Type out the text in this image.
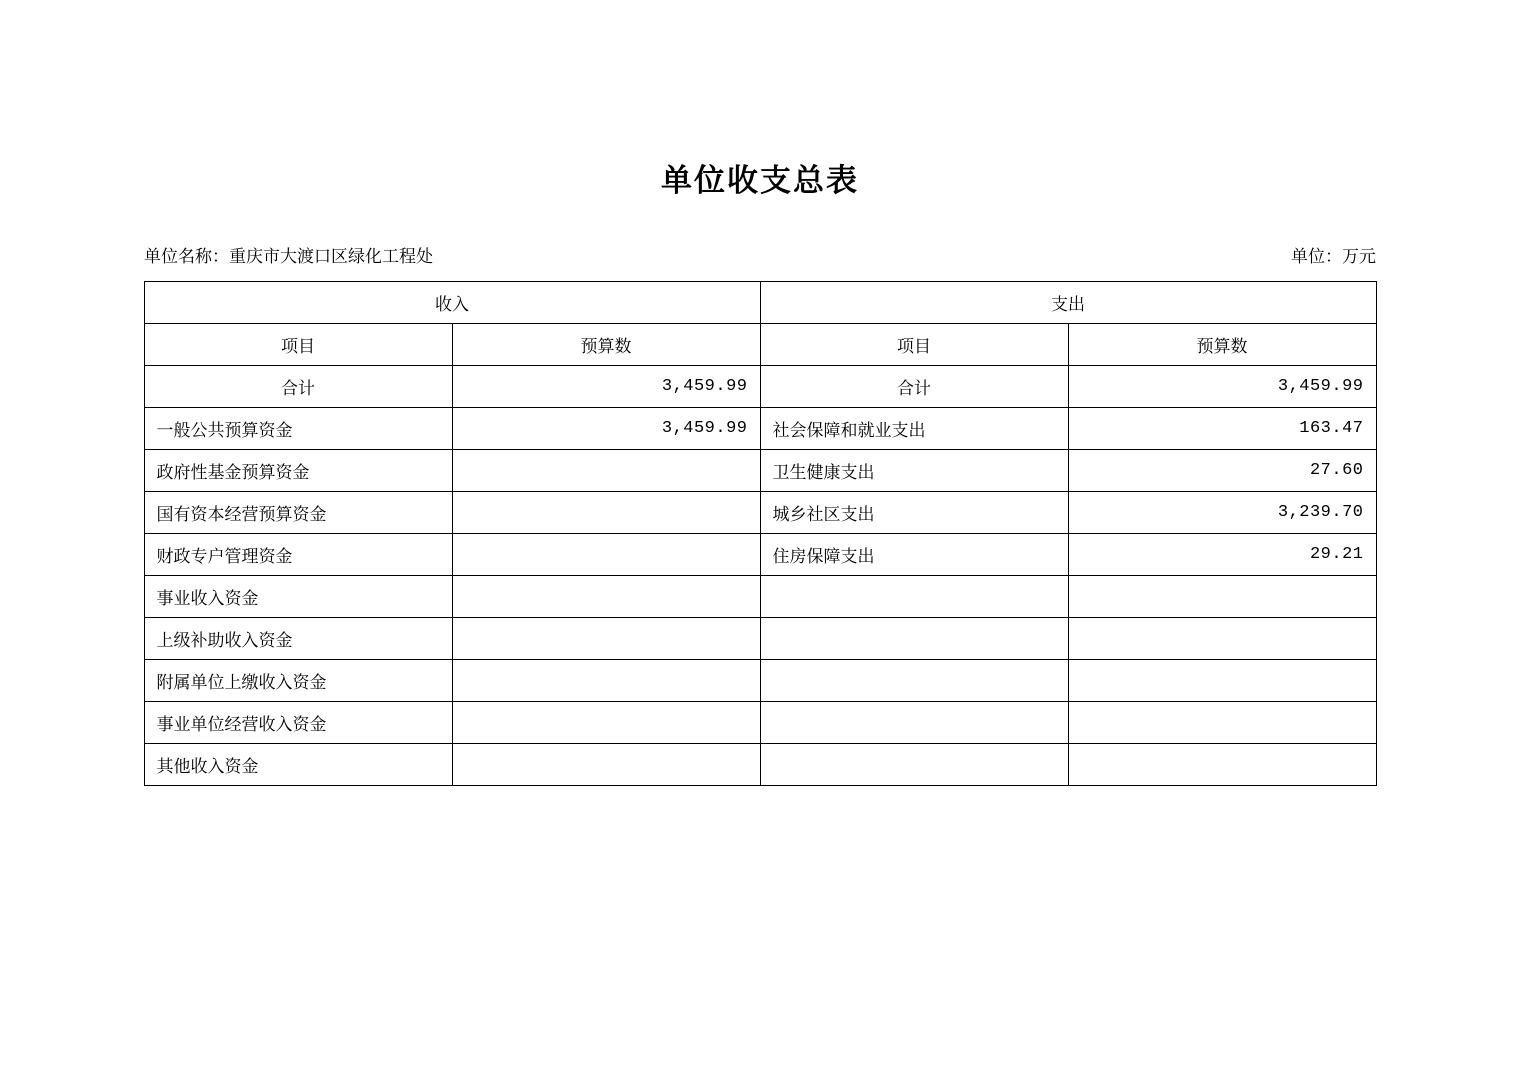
单位收支总表
单位名称：重庆市大渡口区绿化工程处	单位：万元
收入		支出	
项目	预算数	项目	预算数
合计	3,459.99	合计	3,459.99
一般公共预算资金	3,459.99	社会保障和就业支出	163.47
政府性基金预算资金		卫生健康支出	27.60
国有资本经营预算资金		城乡社区支出	3,239.70
财政专户管理资金		住房保障支出	29.21
事业收入资金			
上级补助收入资金			
附属单位上缴收入资金			
事业单位经营收入资金			
其他收入资金			
